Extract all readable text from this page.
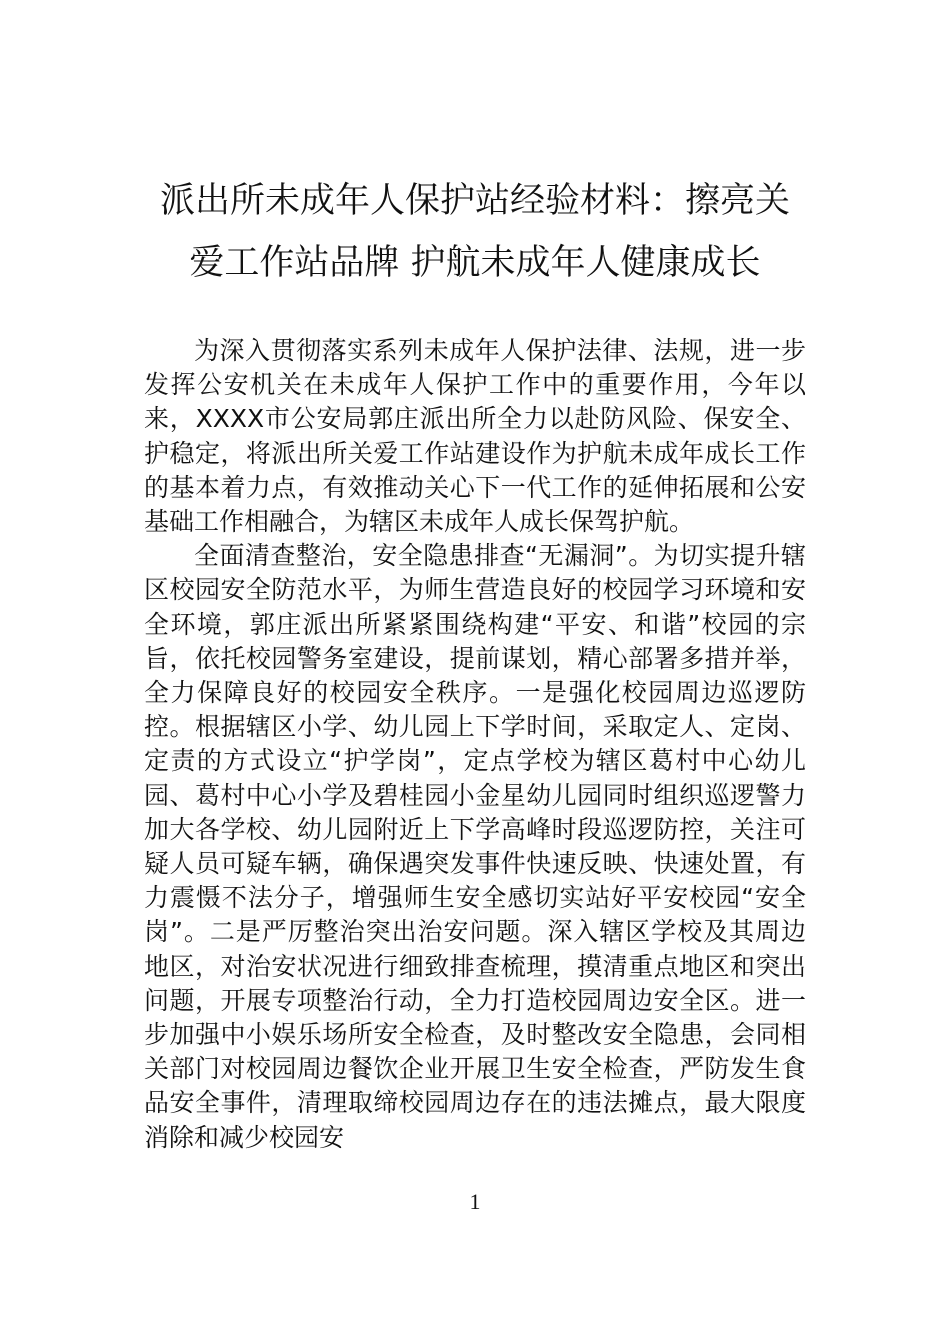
派出所未成年人保护站经验材料：擦亮关
爱工作站品牌 护航未成年人健康成长

为深入贯彻落实系列未成年人保护法律、法规，进一步发挥公安机关在未成年人保护工作中的重要作用，今年以来，XXXX市公安局郭庄派出所全力以赴防风险、保安全、护稳定，将派出所关爱工作站建设作为护航未成年成长工作的基本着力点，有效推动关心下一代工作的延伸拓展和公安基础工作相融合，为辖区未成年人成长保驾护航。

全面清查整治，安全隐患排查“无漏洞”。为切实提升辖区校园安全防范水平，为师生营造良好的校园学习环境和安全环境，郭庄派出所紧紧围绕构建“平安、和谐”校园的宗旨，依托校园警务室建设，提前谋划，精心部署多措并举，全力保障良好的校园安全秩序。一是强化校园周边巡逻防控。根据辖区小学、幼儿园上下学时间，采取定人、定岗、定责的方式设立“护学岗”，定点学校为辖区葛村中心幼儿园、葛村中心小学及碧桂园小金星幼儿园同时组织巡逻警力加大各学校、幼儿园附近上下学高峰时段巡逻防控，关注可疑人员可疑车辆，确保遇突发事件快速反映、快速处置，有力震慑不法分子，增强师生安全感切实站好平安校园“安全岗”。二是严厉整治突出治安问题。深入辖区学校及其周边地区，对治安状况进行细致排查梳理，摸清重点地区和突出问题，开展专项整治行动，全力打造校园周边安全区。进一步加强中小娱乐场所安全检查，及时整改安全隐患，会同相关部门对校园周边餐饮企业开展卫生安全检查，严防发生食品安全事件，清理取缔校园周边存在的违法摊点，最大限度消除和减少校园安

1
